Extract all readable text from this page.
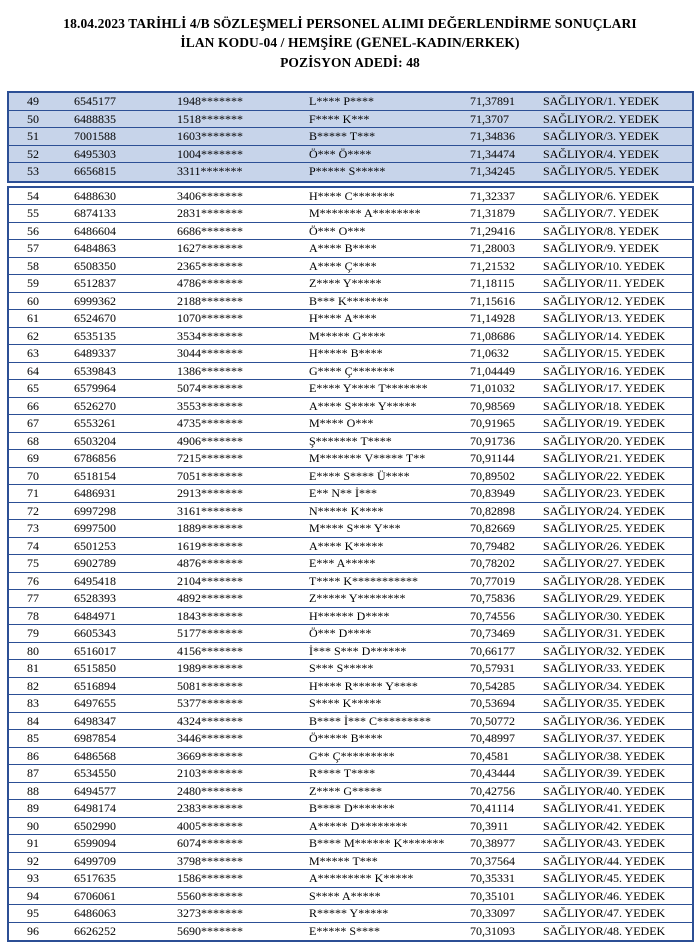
18.04.2023 TARİHLİ 4/B SÖZLEŞMELİ PERSONEL ALIMI DEĞERLENDİRME SONUÇLARI
İLAN KODU-04 / HEMŞİRE (GENEL-KADIN/ERKEK)
POZİSYON ADEDİ: 48
49	6545177	1948*******	L**** P****	71,37891 SAĞLIYOR/1. YEDEK
50	6488835	1518*******	F**** K***	71,3707	SAĞLIYOR/2. YEDEK
51	7001588	1603*******	B***** T***	71,34836 SAĞLIYOR/3. YEDEK
52	6495303	1004*******	Ö*** Ö****	71,34474 SAĞLIYOR/4. YEDEK
53	6656815	3311*******	P***** S*****	71,34245 SAĞLIYOR/5. YEDEK
54	6488630	3406*******	H**** C*******	71,32337 SAĞLIYOR/6. YEDEK
55	6874133	2831*******	M******* A********	71,31879 SAĞLIYOR/7. YEDEK
56	6486604	6686*******	Ö*** O***	71,29416 SAĞLIYOR/8. YEDEK
57	6484863	1627*******	A**** B****	71,28003 SAĞLIYOR/9. YEDEK
58	6508350	2365*******	A**** Ç****	71,21532 SAĞLIYOR/10. YEDEK
59	6512837	4786*******	Z**** Y*****	71,18115 SAĞLIYOR/11. YEDEK
60	6999362	2188*******	B*** K*******	71,15616 SAĞLIYOR/12. YEDEK
61	6524670	1070*******	H**** A****	71,14928 SAĞLIYOR/13. YEDEK
62	6535135	3534*******	M***** G****	71,08686 SAĞLIYOR/14. YEDEK
63	6489337	3044*******	H***** B****	71,0632	SAĞLIYOR/15. YEDEK
64	6539843	1386*******	G**** Ç*******	71,04449 SAĞLIYOR/16. YEDEK
65	6579964	5074*******	E**** Y**** T*******	71,01032 SAĞLIYOR/17. YEDEK
66	6526270	3553*******	A**** S**** Y*****	70,98569 SAĞLIYOR/18. YEDEK
67	6553261	4735*******	M**** O***	70,91965 SAĞLIYOR/19. YEDEK
68	6503204	4906*******	Ş******* T****	70,91736 SAĞLIYOR/20. YEDEK
69	6786856	7215*******	M******* V***** T**	70,91144 SAĞLIYOR/21. YEDEK
70	6518154	7051*******	E**** S**** Ü****	70,89502 SAĞLIYOR/22. YEDEK
71	6486931	2913*******	E** N** İ***	70,83949 SAĞLIYOR/23. YEDEK
72	6997298	3161*******	N***** K****	70,82898 SAĞLIYOR/24. YEDEK
73	6997500	1889*******	M**** S*** Y***	70,82669 SAĞLIYOR/25. YEDEK
74	6501253	1619*******	A**** K*****	70,79482 SAĞLIYOR/26. YEDEK
75	6902789	4876*******	E*** A*****	70,78202 SAĞLIYOR/27. YEDEK
76	6495418	2104*******	T**** K***********	70,77019 SAĞLIYOR/28. YEDEK
77	6528393	4892*******	Z***** Y********	70,75836 SAĞLIYOR/29. YEDEK
78	6484971	1843*******	H****** D****	70,74556 SAĞLIYOR/30. YEDEK
79	6605343	5177*******	Ö*** D****	70,73469 SAĞLIYOR/31. YEDEK
80	6516017	4156*******	İ*** S*** D******	70,66177 SAĞLIYOR/32. YEDEK
81	6515850	1989*******	S*** S*****	70,57931 SAĞLIYOR/33. YEDEK
82	6516894	5081*******	H**** R***** Y****	70,54285 SAĞLIYOR/34. YEDEK
83	6497655	5377*******	S**** K*****	70,53694 SAĞLIYOR/35. YEDEK
84	6498347	4324*******	B**** İ*** C*********	70,50772 SAĞLIYOR/36. YEDEK
85	6987854	3446*******	Ö***** B****	70,48997 SAĞLIYOR/37. YEDEK
86	6486568	3669*******	G** Ç*********	70,4581	SAĞLIYOR/38. YEDEK
87	6534550	2103*******	R**** T****	70,43444 SAĞLIYOR/39. YEDEK
88	6494577	2480*******	Z**** G*****	70,42756 SAĞLIYOR/40. YEDEK
89	6498174	2383*******	B**** D*******	70,41114 SAĞLIYOR/41. YEDEK
90	6502990	4005*******	A***** D********	70,3911	SAĞLIYOR/42. YEDEK
91	6599094	6074*******	B**** M****** K******* 70,38977 SAĞLIYOR/43. YEDEK
92	6499709	3798*******	M***** T***	70,37564 SAĞLIYOR/44. YEDEK
93	6517635	1586*******	A********* K*****	70,35331 SAĞLIYOR/45. YEDEK
94	6706061	5560*******	S**** A*****	70,35101 SAĞLIYOR/46. YEDEK
95	6486063	3273*******	R***** Y*****	70,33097 SAĞLIYOR/47. YEDEK
96	6626252	5690*******	E***** S****	70,31093 SAĞLIYOR/48. YEDEK
